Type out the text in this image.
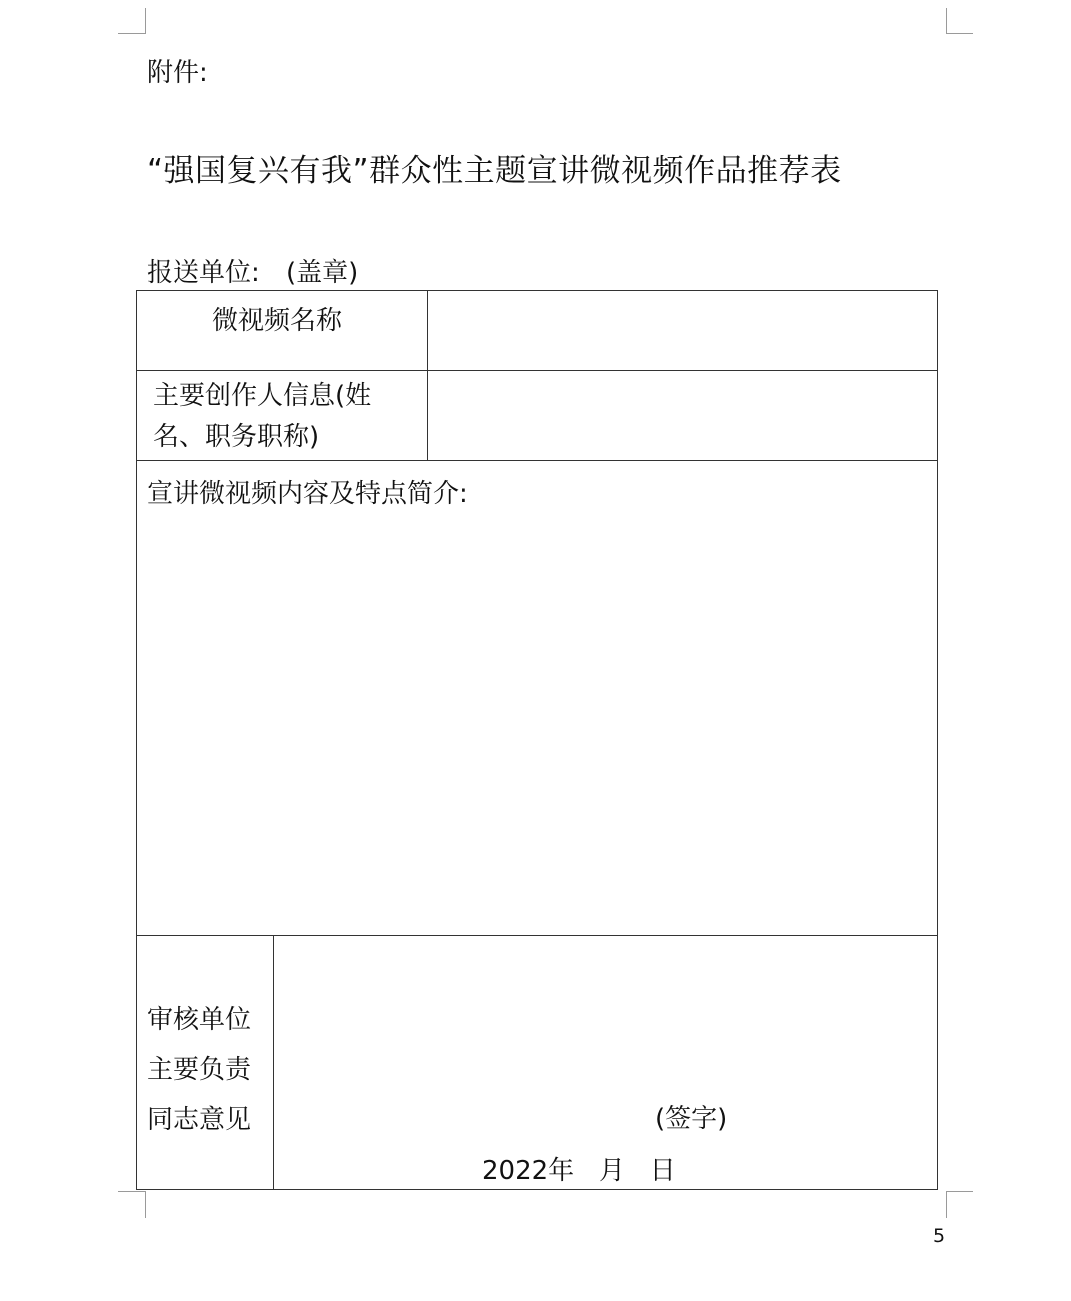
附件:
“强国复兴有我”群众性主题宣讲微视频作品推荐表
报送单位: (盖章)
微视频名称
主要创作人信息(姓
名、职务职称)
宣讲微视频内容及特点简介:
审核单位
主要负责
同志意见	(签字)
2022年   月   日
5
